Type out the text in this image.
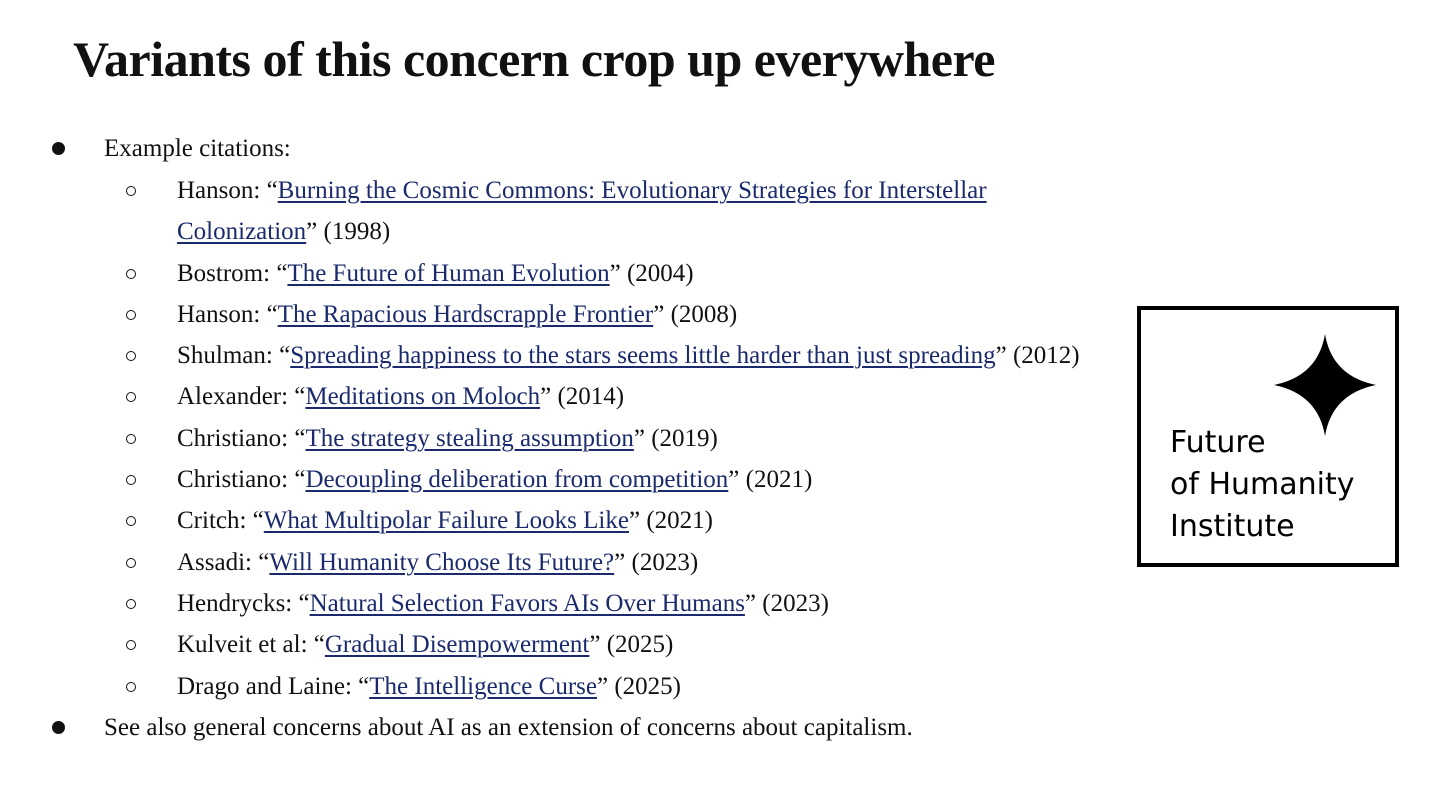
Variants of this concern crop up everywhere
Example citations:
Hanson: “Burning the Cosmic Commons: Evolutionary Strategies for Interstellar
Colonization” (1998)
Bostrom: “The Future of Human Evolution” (2004)
Hanson: “The Rapacious Hardscrapple Frontier” (2008)
Shulman: “Spreading happiness to the stars seems little harder than just spreading” (2012)
Alexander: “Meditations on Moloch” (2014)
Christiano: “The strategy stealing assumption” (2019)
Christiano: “Decoupling deliberation from competition” (2021)
Critch: “What Multipolar Failure Looks Like” (2021)
Assadi: “Will Humanity Choose Its Future?” (2023)
Hendrycks: “Natural Selection Favors AIs Over Humans” (2023)
Kulveit et al: “Gradual Disempowerment” (2025)
Drago and Laine: “The Intelligence Curse” (2025)
See also general concerns about AI as an extension of concerns about capitalism.
Future
of Humanity
Institute
